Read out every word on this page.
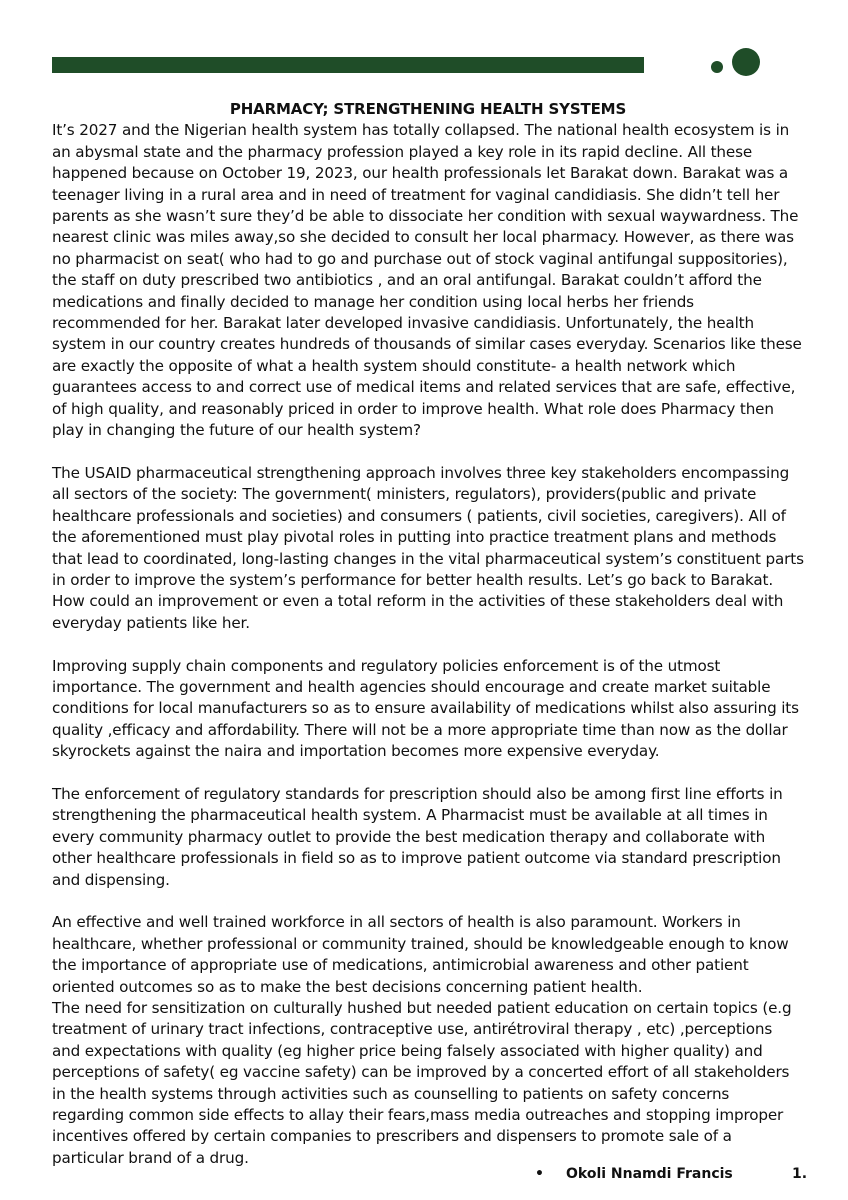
PHARMACY; STRENGTHENING HEALTH SYSTEMS

It’s 2027 and the Nigerian health system has totally collapsed. The national health ecosystem is in an abysmal state and the pharmacy profession played a key role in its rapid decline. All these happened because on October 19, 2023, our health professionals let Barakat down. Barakat was a teenager living in a rural area and in need of treatment for vaginal candidiasis. She didn’t tell her parents as she wasn’t sure they’d be able to dissociate her condition with sexual waywardness. The nearest clinic was miles away,so she decided to consult her local pharmacy. However, as there was no pharmacist on seat( who had to go and purchase out of stock vaginal antifungal suppositories), the staff on duty prescribed two antibiotics , and an oral antifungal. Barakat couldn’t afford the medications and finally decided to manage her condition using local herbs her friends recommended for her. Barakat later developed invasive candidiasis. Unfortunately, the health system in our country creates hundreds of thousands of similar cases everyday. Scenarios like these are exactly the opposite of what a health system should constitute- a health network which guarantees access to and correct use of medical items and related services that are safe, effective, of high quality, and reasonably priced in order to improve health. What role does Pharmacy then play in changing the future of our health system?

The USAID pharmaceutical strengthening approach involves three key stakeholders encompassing all sectors of the society: The government( ministers, regulators), providers(public and private healthcare professionals and societies) and consumers ( patients, civil societies, caregivers). All of the aforementioned must play pivotal roles in putting into practice treatment plans and methods that lead to coordinated, long-lasting changes in the vital pharmaceutical system’s constituent parts in order to improve the system’s performance for better health results. Let’s go back to Barakat. How could an improvement or even a total reform in the activities of these stakeholders deal with everyday patients like her.

Improving supply chain components and regulatory policies enforcement is of the utmost importance. The government and health agencies should encourage and create market suitable conditions for local manufacturers so as to ensure availability of medications whilst also assuring its quality ,efficacy and affordability. There will not be a more appropriate time than now as the dollar skyrockets against the naira and importation becomes more expensive everyday.

The enforcement of regulatory standards for prescription should also be among first line efforts in strengthening the pharmaceutical health system. A Pharmacist must be available at all times in every community pharmacy outlet to provide the best medication therapy and collaborate with other healthcare professionals in field so as to improve patient outcome via standard prescription and dispensing.

An effective and well trained workforce in all sectors of health is also paramount. Workers in healthcare, whether professional or community trained, should be knowledgeable enough to know the importance of appropriate use of medications, antimicrobial awareness and other patient oriented outcomes so as to make the best decisions concerning patient health.

The need for sensitization on culturally hushed but needed patient education on certain topics (e.g treatment of urinary tract infections, contraceptive use, antirétroviral therapy , etc) ,perceptions and expectations with quality (eg higher price being falsely associated with higher quality) and perceptions of safety( eg vaccine safety) can be improved by a concerted effort of all stakeholders in the health systems through activities such as counselling to patients on safety concerns regarding common side effects to allay their fears,mass media outreaches and stopping improper incentives offered by certain companies to prescribers and dispensers to promote sale of a particular brand of a drug.

• Okoli Nnamdi Francis	1.
